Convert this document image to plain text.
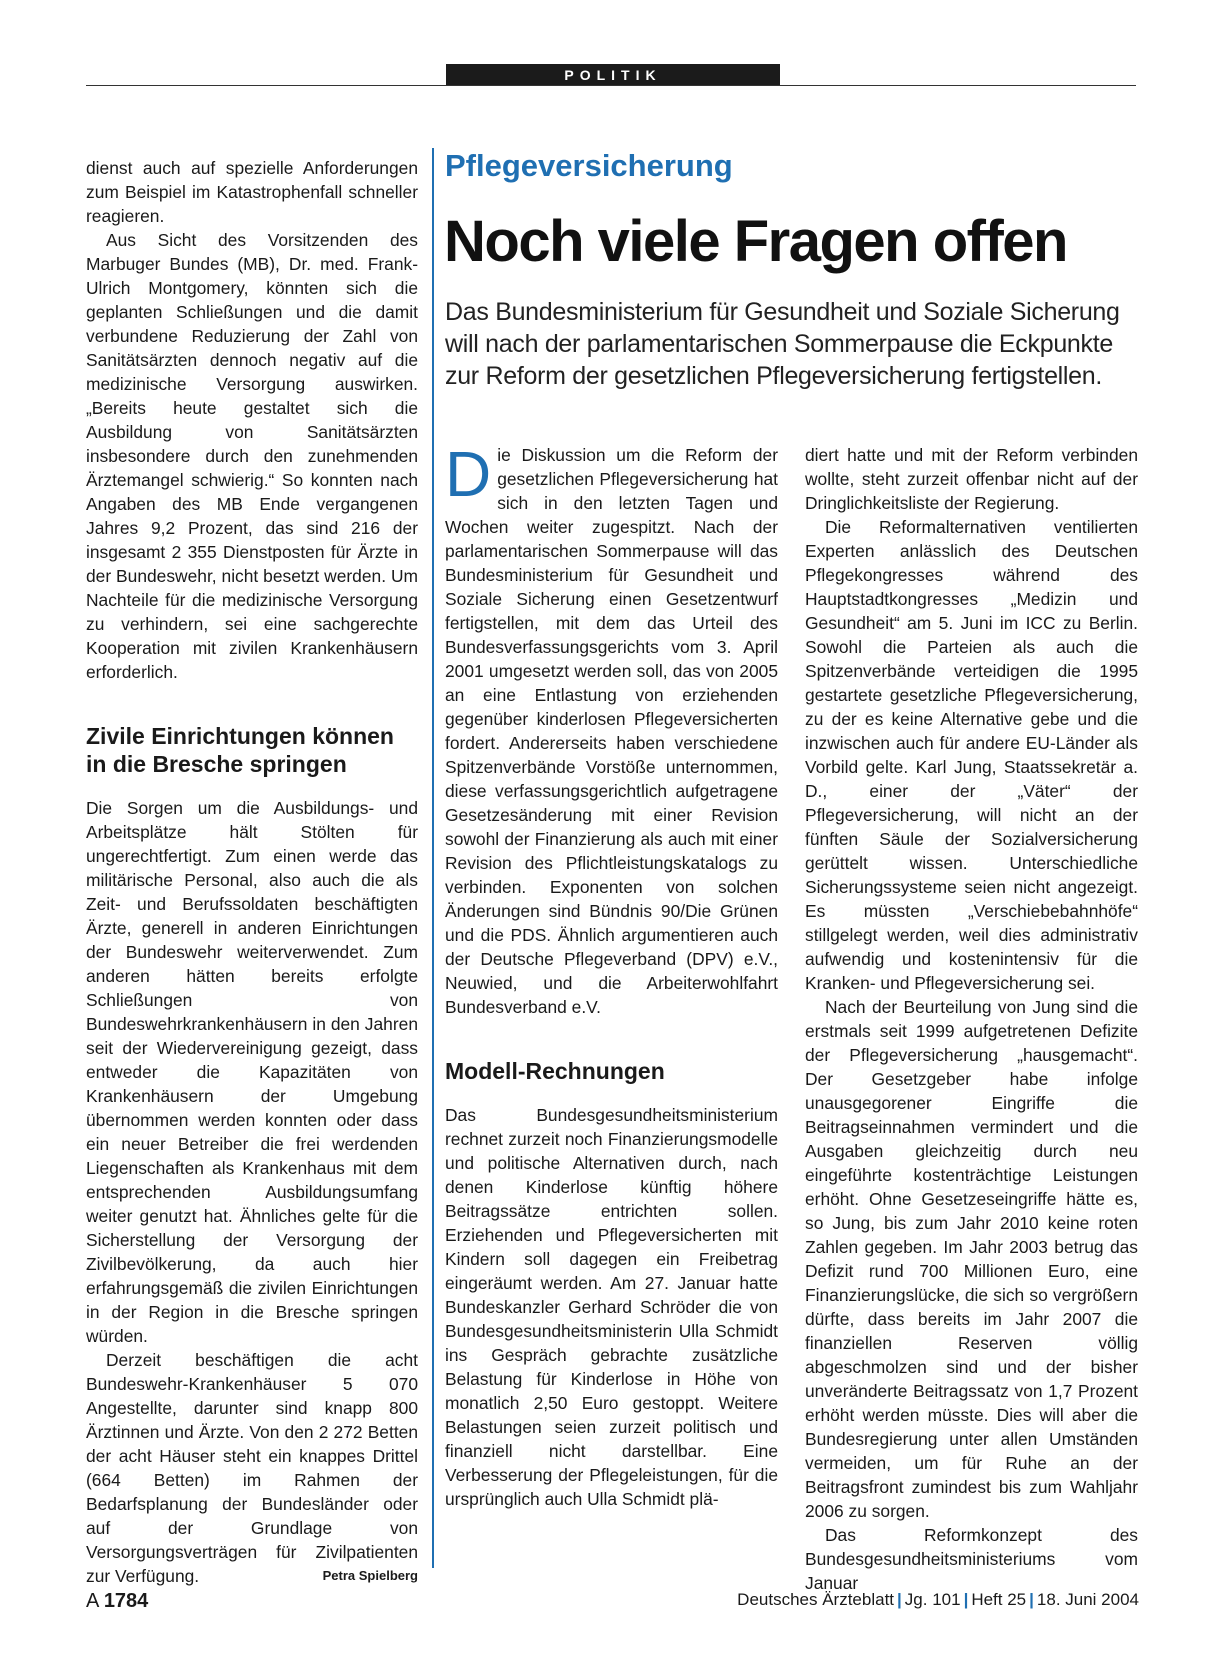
POLITIK

dienst auch auf spezielle Anforderungen zum Beispiel im Katastrophenfall schneller reagieren.

Aus Sicht des Vorsitzenden des Marbuger Bundes (MB), Dr. med. Frank-Ulrich Montgomery, könnten sich die geplanten Schließungen und die damit verbundene Reduzierung der Zahl von Sanitätsärzten dennoch negativ auf die medizinische Versorgung auswirken. „Bereits heute gestaltet sich die Ausbildung von Sanitätsärzten insbesondere durch den zunehmenden Ärztemangel schwierig.“ So konnten nach Angaben des MB Ende vergangenen Jahres 9,2 Prozent, das sind 216 der insgesamt 2 355 Dienstposten für Ärzte in der Bundeswehr, nicht besetzt werden. Um Nachteile für die medizinische Versorgung zu verhindern, sei eine sachgerechte Kooperation mit zivilen Krankenhäusern erforderlich.

Zivile Einrichtungen können in die Bresche springen

Die Sorgen um die Ausbildungs- und Arbeitsplätze hält Stölten für ungerechtfertigt. Zum einen werde das militärische Personal, also auch die als Zeit- und Berufssoldaten beschäftigten Ärzte, generell in anderen Einrichtungen der Bundeswehr weiterverwendet. Zum anderen hätten bereits erfolgte Schließungen von Bundeswehrkrankenhäusern in den Jahren seit der Wiedervereinigung gezeigt, dass entweder die Kapazitäten von Krankenhäusern der Umgebung übernommen werden konnten oder dass ein neuer Betreiber die frei werdenden Liegenschaften als Krankenhaus mit dem entsprechenden Ausbildungsumfang weiter genutzt hat. Ähnliches gelte für die Sicherstellung der Versorgung der Zivilbevölkerung, da auch hier erfahrungsgemäß die zivilen Einrichtungen in der Region in die Bresche springen würden.

Derzeit beschäftigen die acht Bundeswehr-Krankenhäuser 5 070 Angestellte, darunter sind knapp 800 Ärztinnen und Ärzte. Von den 2 272 Betten der acht Häuser steht ein knappes Drittel (664 Betten) im Rahmen der Bedarfsplanung der Bundesländer oder auf der Grundlage von Versorgungsverträgen für Zivilpatienten zur Verfügung.	Petra Spielberg

Pflegeversicherung
Noch viele Fragen offen
Das Bundesministerium für Gesundheit und Soziale Sicherung will nach der parlamentarischen Sommerpause die Eckpunkte zur Reform der gesetzlichen Pflegeversicherung fertigstellen.

Die Diskussion um die Reform der gesetzlichen Pflegeversicherung hat sich in den letzten Tagen und Wochen weiter zugespitzt. Nach der parlamentarischen Sommerpause will das Bundesministerium für Gesundheit und Soziale Sicherung einen Gesetzentwurf fertigstellen, mit dem das Urteil des Bundesverfassungsgerichts vom 3. April 2001 umgesetzt werden soll, das von 2005 an eine Entlastung von erziehenden gegenüber kinderlosen Pflegeversicherten fordert. Andererseits haben verschiedene Spitzenverbände Vorstöße unternommen, diese verfassungsgerichtlich aufgetragene Gesetzesänderung mit einer Revision sowohl der Finanzierung als auch mit einer Revision des Pflichtleistungskatalogs zu verbinden. Exponenten von solchen Änderungen sind Bündnis 90/Die Grünen und die PDS. Ähnlich argumentieren auch der Deutsche Pflegeverband (DPV) e.V., Neuwied, und die Arbeiterwohlfahrt Bundesverband e.V.

Modell-Rechnungen

Das Bundesgesundheitsministerium rechnet zurzeit noch Finanzierungsmodelle und politische Alternativen durch, nach denen Kinderlose künftig höhere Beitragssätze entrichten sollen. Erziehenden und Pflegeversicherten mit Kindern soll dagegen ein Freibetrag eingeräumt werden. Am 27. Januar hatte Bundeskanzler Gerhard Schröder die von Bundesgesundheitsministerin Ulla Schmidt ins Gespräch gebrachte zusätzliche Belastung für Kinderlose in Höhe von monatlich 2,50 Euro gestoppt. Weitere Belastungen seien zurzeit politisch und finanziell nicht darstellbar. Eine Verbesserung der Pflegeleistungen, für die ursprünglich auch Ulla Schmidt plä-

diert hatte und mit der Reform verbinden wollte, steht zurzeit offenbar nicht auf der Dringlichkeitsliste der Regierung.

Die Reformalternativen ventilierten Experten anlässlich des Deutschen Pflegekongresses während des Hauptstadtkongresses „Medizin und Gesundheit“ am 5. Juni im ICC zu Berlin. Sowohl die Parteien als auch die Spitzenverbände verteidigen die 1995 gestartete gesetzliche Pflegeversicherung, zu der es keine Alternative gebe und die inzwischen auch für andere EU-Länder als Vorbild gelte. Karl Jung, Staatssekretär a. D., einer der „Väter“ der Pflegeversicherung, will nicht an der fünften Säule der Sozialversicherung gerüttelt wissen. Unterschiedliche Sicherungssysteme seien nicht angezeigt. Es müssten „Verschiebebahnhöfe“ stillgelegt werden, weil dies administrativ aufwendig und kostenintensiv für die Kranken- und Pflegeversicherung sei.

Nach der Beurteilung von Jung sind die erstmals seit 1999 aufgetretenen Defizite der Pflegeversicherung „hausgemacht“. Der Gesetzgeber habe infolge unausgegorener Eingriffe die Beitragseinnahmen vermindert und die Ausgaben gleichzeitig durch neu eingeführte kostenträchtige Leistungen erhöht. Ohne Gesetzeseingriffe hätte es, so Jung, bis zum Jahr 2010 keine roten Zahlen gegeben. Im Jahr 2003 betrug das Defizit rund 700 Millionen Euro, eine Finanzierungslücke, die sich so vergrößern dürfte, dass bereits im Jahr 2007 die finanziellen Reserven völlig abgeschmolzen sind und der bisher unveränderte Beitragssatz von 1,7 Prozent erhöht werden müsste. Dies will aber die Bundesregierung unter allen Umständen vermeiden, um für Ruhe an der Beitragsfront zumindest bis zum Wahljahr 2006 zu sorgen.

Das Reformkonzept des Bundesgesundheitsministeriums vom Januar

A 1784	Deutsches Ärzteblatt | Jg. 101 | Heft 25 | 18. Juni 2004
